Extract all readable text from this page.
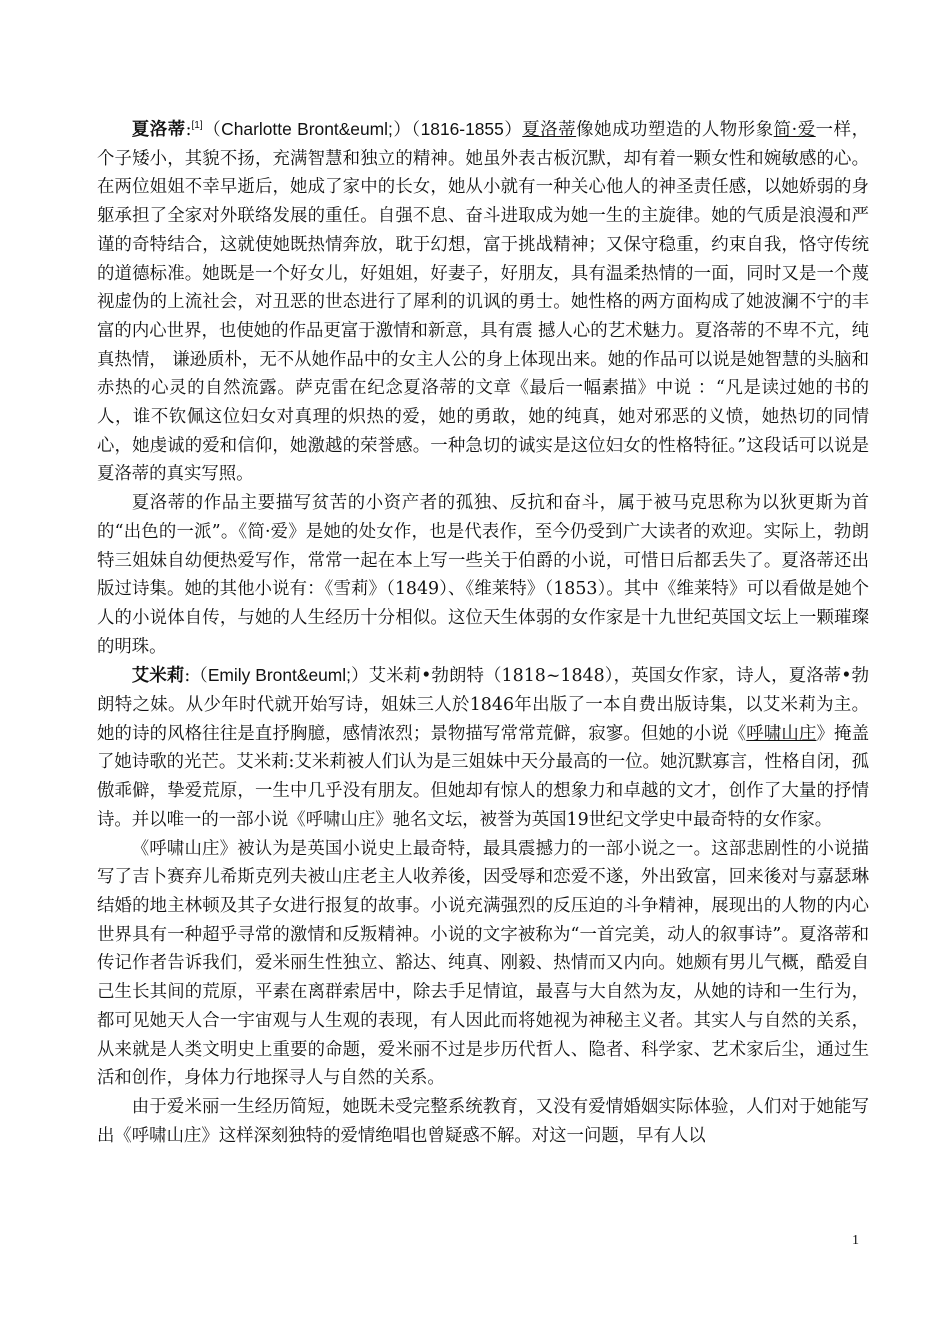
夏洛蒂:[1]（Charlotte Bront&euml;）（1816-1855）夏洛蒂像她成功塑造的人物形象简·爱一样，个子矮小，其貌不扬，充满智慧和独立的精神。她虽外表古板沉默，却有着一颗女性和婉敏感的心。在两位姐姐不幸早逝后，她成了家中的长女，她从小就有一种关心他人的神圣责任感，以她娇弱的身躯承担了全家对外联络发展的重任。自强不息、奋斗进取成为她一生的主旋律。她的气质是浪漫和严谨的奇特结合，这就使她既热情奔放，耽于幻想，富于挑战精神；又保守稳重，约束自我，恪守传统的道德标准。她既是一个好女儿，好姐姐，好妻子，好朋友，具有温柔热情的一面，同时又是一个蔑视虚伪的上流社会，对丑恶的世态进行了犀利的讥讽的勇士。她性格的两方面构成了她波澜不宁的丰富的内心世界，也使她的作品更富于激情和新意，具有震 撼人心的艺术魅力。夏洛蒂的不卑不亢，纯真热情， 谦逊质朴，无不从她作品中的女主人公的身上体现出来。她的作品可以说是她智慧的头脑和赤热的心灵的自然流露。萨克雷在纪念夏洛蒂的文章《最后一幅素描》中说 ：“凡是读过她的书的人，谁不钦佩这位妇女对真理的炽热的爱，她的勇敢，她的纯真，她对邪恶的义愤，她热切的同情心，她虔诚的爱和信仰，她激越的荣誉感。一种急切的诚实是这位妇女的性格特征。”这段话可以说是夏洛蒂的真实写照。

夏洛蒂的作品主要描写贫苦的小资产者的孤独、反抗和奋斗，属于被马克思称为以狄更斯为首的“出色的一派”。《简·爱》是她的处女作，也是代表作，至今仍受到广大读者的欢迎。实际上，勃朗特三姐妹自幼便热爱写作，常常一起在本上写一些关于伯爵的小说，可惜日后都丢失了。夏洛蒂还出版过诗集。她的其他小说有：《雪莉》（1849）、《维莱特》（1853）。其中《维莱特》可以看做是她个人的小说体自传，与她的人生经历十分相似。这位天生体弱的女作家是十九世纪英国文坛上一颗璀璨的明珠。

艾米莉:（Emily Bront&euml;）艾米莉•勃朗特（1818~1848），英国女作家，诗人，夏洛蒂•勃朗特之妹。从少年时代就开始写诗，姐妹三人於1846年出版了一本自费出版诗集，以艾米莉为主。她的诗的风格往往是直抒胸臆，感情浓烈；景物描写常常荒僻，寂寥。但她的小说《呼啸山庄》掩盖了她诗歌的光芒。艾米莉:艾米莉被人们认为是三姐妹中天分最高的一位。她沉默寡言，性格自闭，孤傲乖僻，挚爱荒原，一生中几乎没有朋友。但她却有惊人的想象力和卓越的文才，创作了大量的抒情诗。并以唯一的一部小说《呼啸山庄》驰名文坛，被誉为英国19世纪文学史中最奇特的女作家。

《呼啸山庄》被认为是英国小说史上最奇特，最具震撼力的一部小说之一。这部悲剧性的小说描写了吉卜赛弃儿希斯克列夫被山庄老主人收养後，因受辱和恋爱不遂，外出致富，回来後对与嘉瑟琳结婚的地主林顿及其子女进行报复的故事。小说充满强烈的反压迫的斗争精神，展现出的人物的内心世界具有一种超乎寻常的激情和反叛精神。小说的文字被称为“一首完美，动人的叙事诗”。夏洛蒂和传记作者告诉我们，爱米丽生性独立、豁达、纯真、刚毅、热情而又内向。她颇有男儿气概，酷爱自己生长其间的荒原，平素在离群索居中，除去手足情谊，最喜与大自然为友，从她的诗和一生行为，都可见她天人合一宇宙观与人生观的表现，有人因此而将她视为神秘主义者。其实人与自然的关系，从来就是人类文明史上重要的命题，爱米丽不过是步历代哲人、隐者、科学家、艺术家后尘，通过生活和创作，身体力行地探寻人与自然的关系。

由于爱米丽一生经历简短，她既未受完整系统教育，又没有爱情婚姻实际体验，人们对于她能写出《呼啸山庄》这样深刻独特的爱情绝唱也曾疑惑不解。对这一问题，早有人以

1
